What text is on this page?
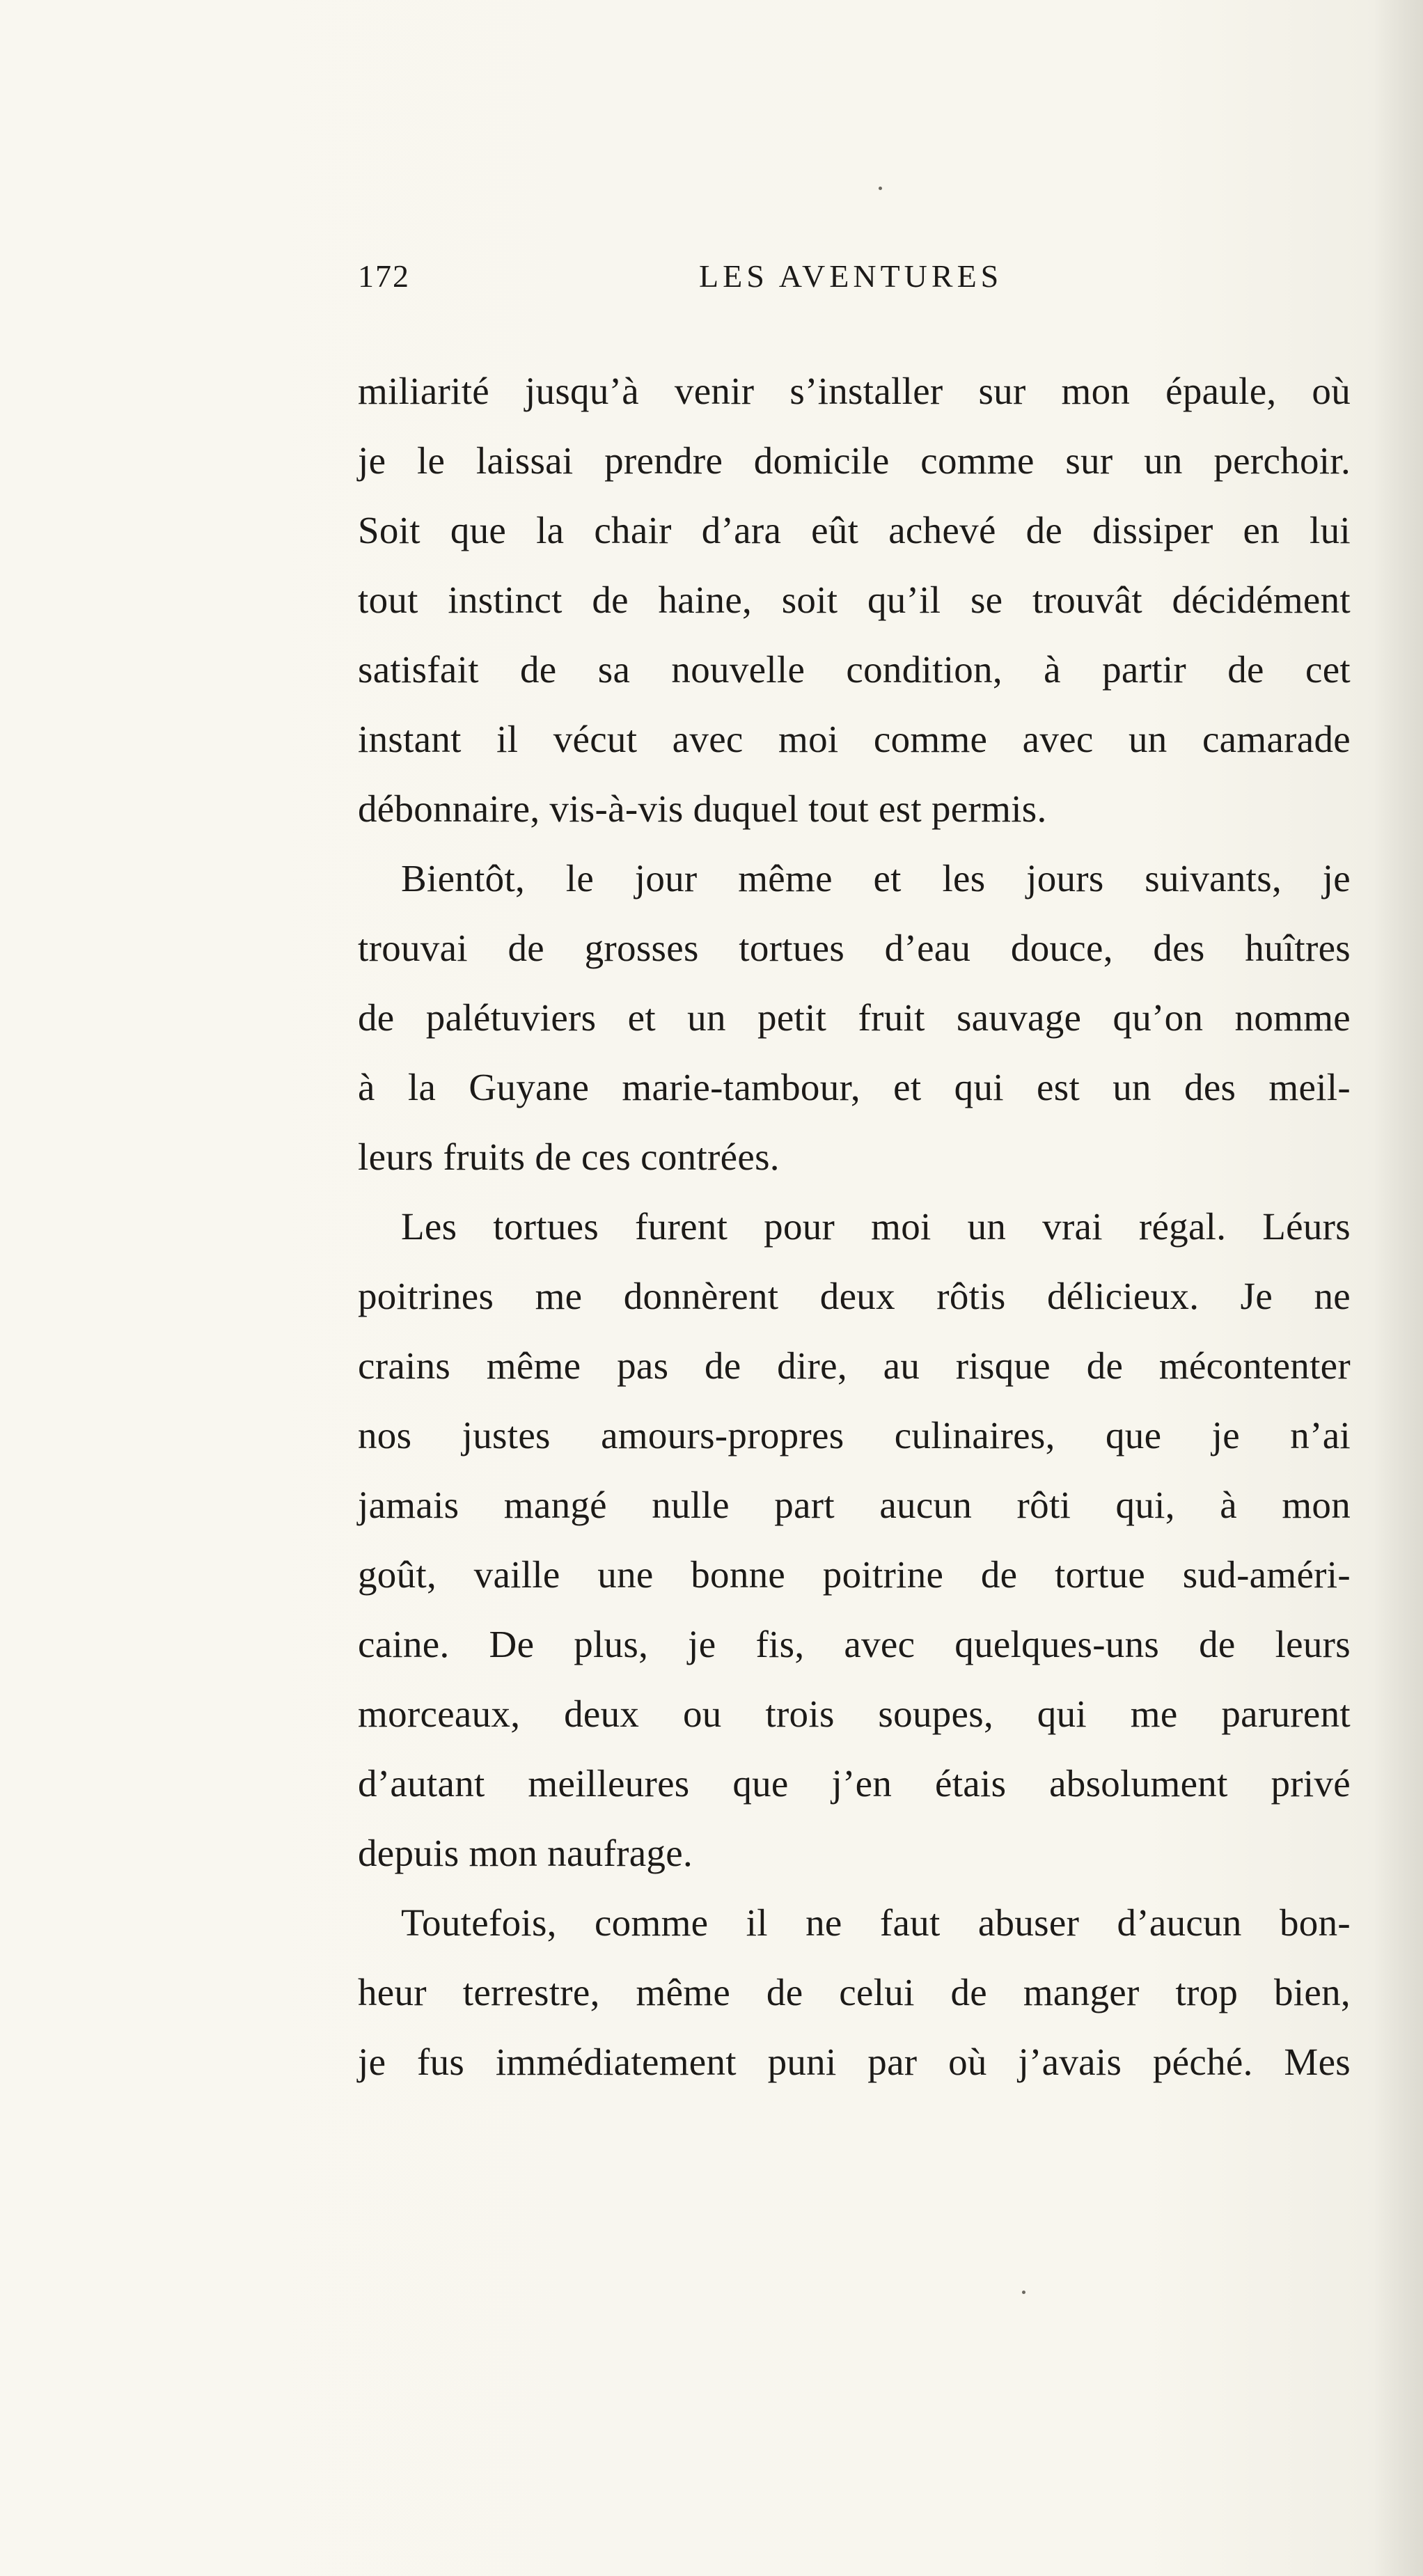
172	LES AVENTURES
miliarité jusqu’à venir s’installer sur mon épaule, où
je le laissai prendre domicile comme sur un perchoir.
Soit que la chair d’ara eût achevé de dissiper en lui
tout instinct de haine, soit qu’il se trouvât décidément
satisfait de sa nouvelle condition, à partir de cet
instant il vécut avec moi comme avec un camarade
débonnaire, vis-à-vis duquel tout est permis.
Bientôt, le jour même et les jours suivants, je
trouvai de grosses tortues d’eau douce, des huîtres
de palétuviers et un petit fruit sauvage qu’on nomme
à la Guyane marie-tambour, et qui est un des meil-
leurs fruits de ces contrées.
Les tortues furent pour moi un vrai régal. Léurs
poitrines me donnèrent deux rôtis délicieux. Je ne
crains même pas de dire, au risque de mécontenter
nos justes amours-propres culinaires, que je n’ai
jamais mangé nulle part aucun rôti qui, à mon
goût, vaille une bonne poitrine de tortue sud-améri-
caine. De plus, je fis, avec quelques-uns de leurs
morceaux, deux ou trois soupes, qui me parurent
d’autant meilleures que j’en étais absolument privé
depuis mon naufrage.
Toutefois, comme il ne faut abuser d’aucun bon-
heur terrestre, même de celui de manger trop bien,
je fus immédiatement puni par où j’avais péché. Mes
